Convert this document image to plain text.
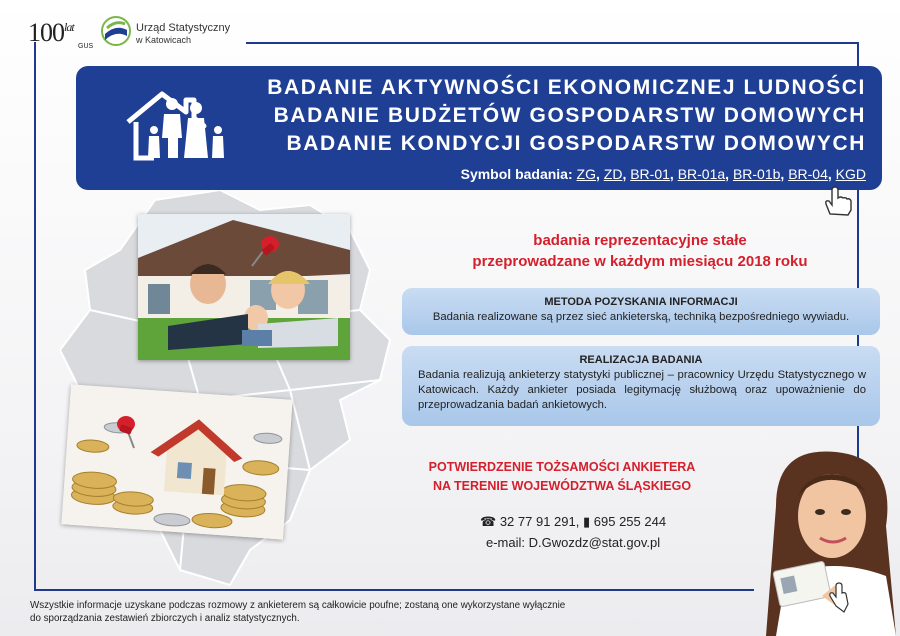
$100^{lat}$
GUS
Urząd Statystyczny
w Katowicach
BADANIE AKTYWNOŚCI EKONOMICZNEJ LUDNOŚCI
BADANIE BUDŻETÓW GOSPODARSTW DOMOWYCH
BADANIE KONDYCJI GOSPODARSTW DOMOWYCH
Symbol badania: ZG, ZD, BR-01, BR-01a, BR-01b, BR-04, KGD
badania reprezentacyjne stałe
przeprowadzane w każdym miesiącu 2018 roku
METODA POZYSKANIA INFORMACJI
Badania realizowane są przez sieć ankieterską, techniką bezpośredniego wywiadu.
REALIZACJA BADANIA
Badania realizują ankieterzy statystyki publicznej – pracownicy Urzędu Statystycznego w Katowicach. Każdy ankieter posiada legitymację służbową oraz upoważnienie do przeprowadzania badań ankietowych.
POTWIERDZENIE TOŻSAMOŚCI ANKIETERA
NA TERENIE WOJEWÓDZTWA ŚLĄSKIEGO
☎ 32 77 91 291, ▮ 695 255 244
e-mail: D.Gwozdz@stat.gov.pl
Wszystkie informacje uzyskane podczas rozmowy z ankieterem są całkowicie poufne; zostaną one wykorzystane wyłącznie
do sporządzania zestawień zbiorczych i analiz statystycznych.
